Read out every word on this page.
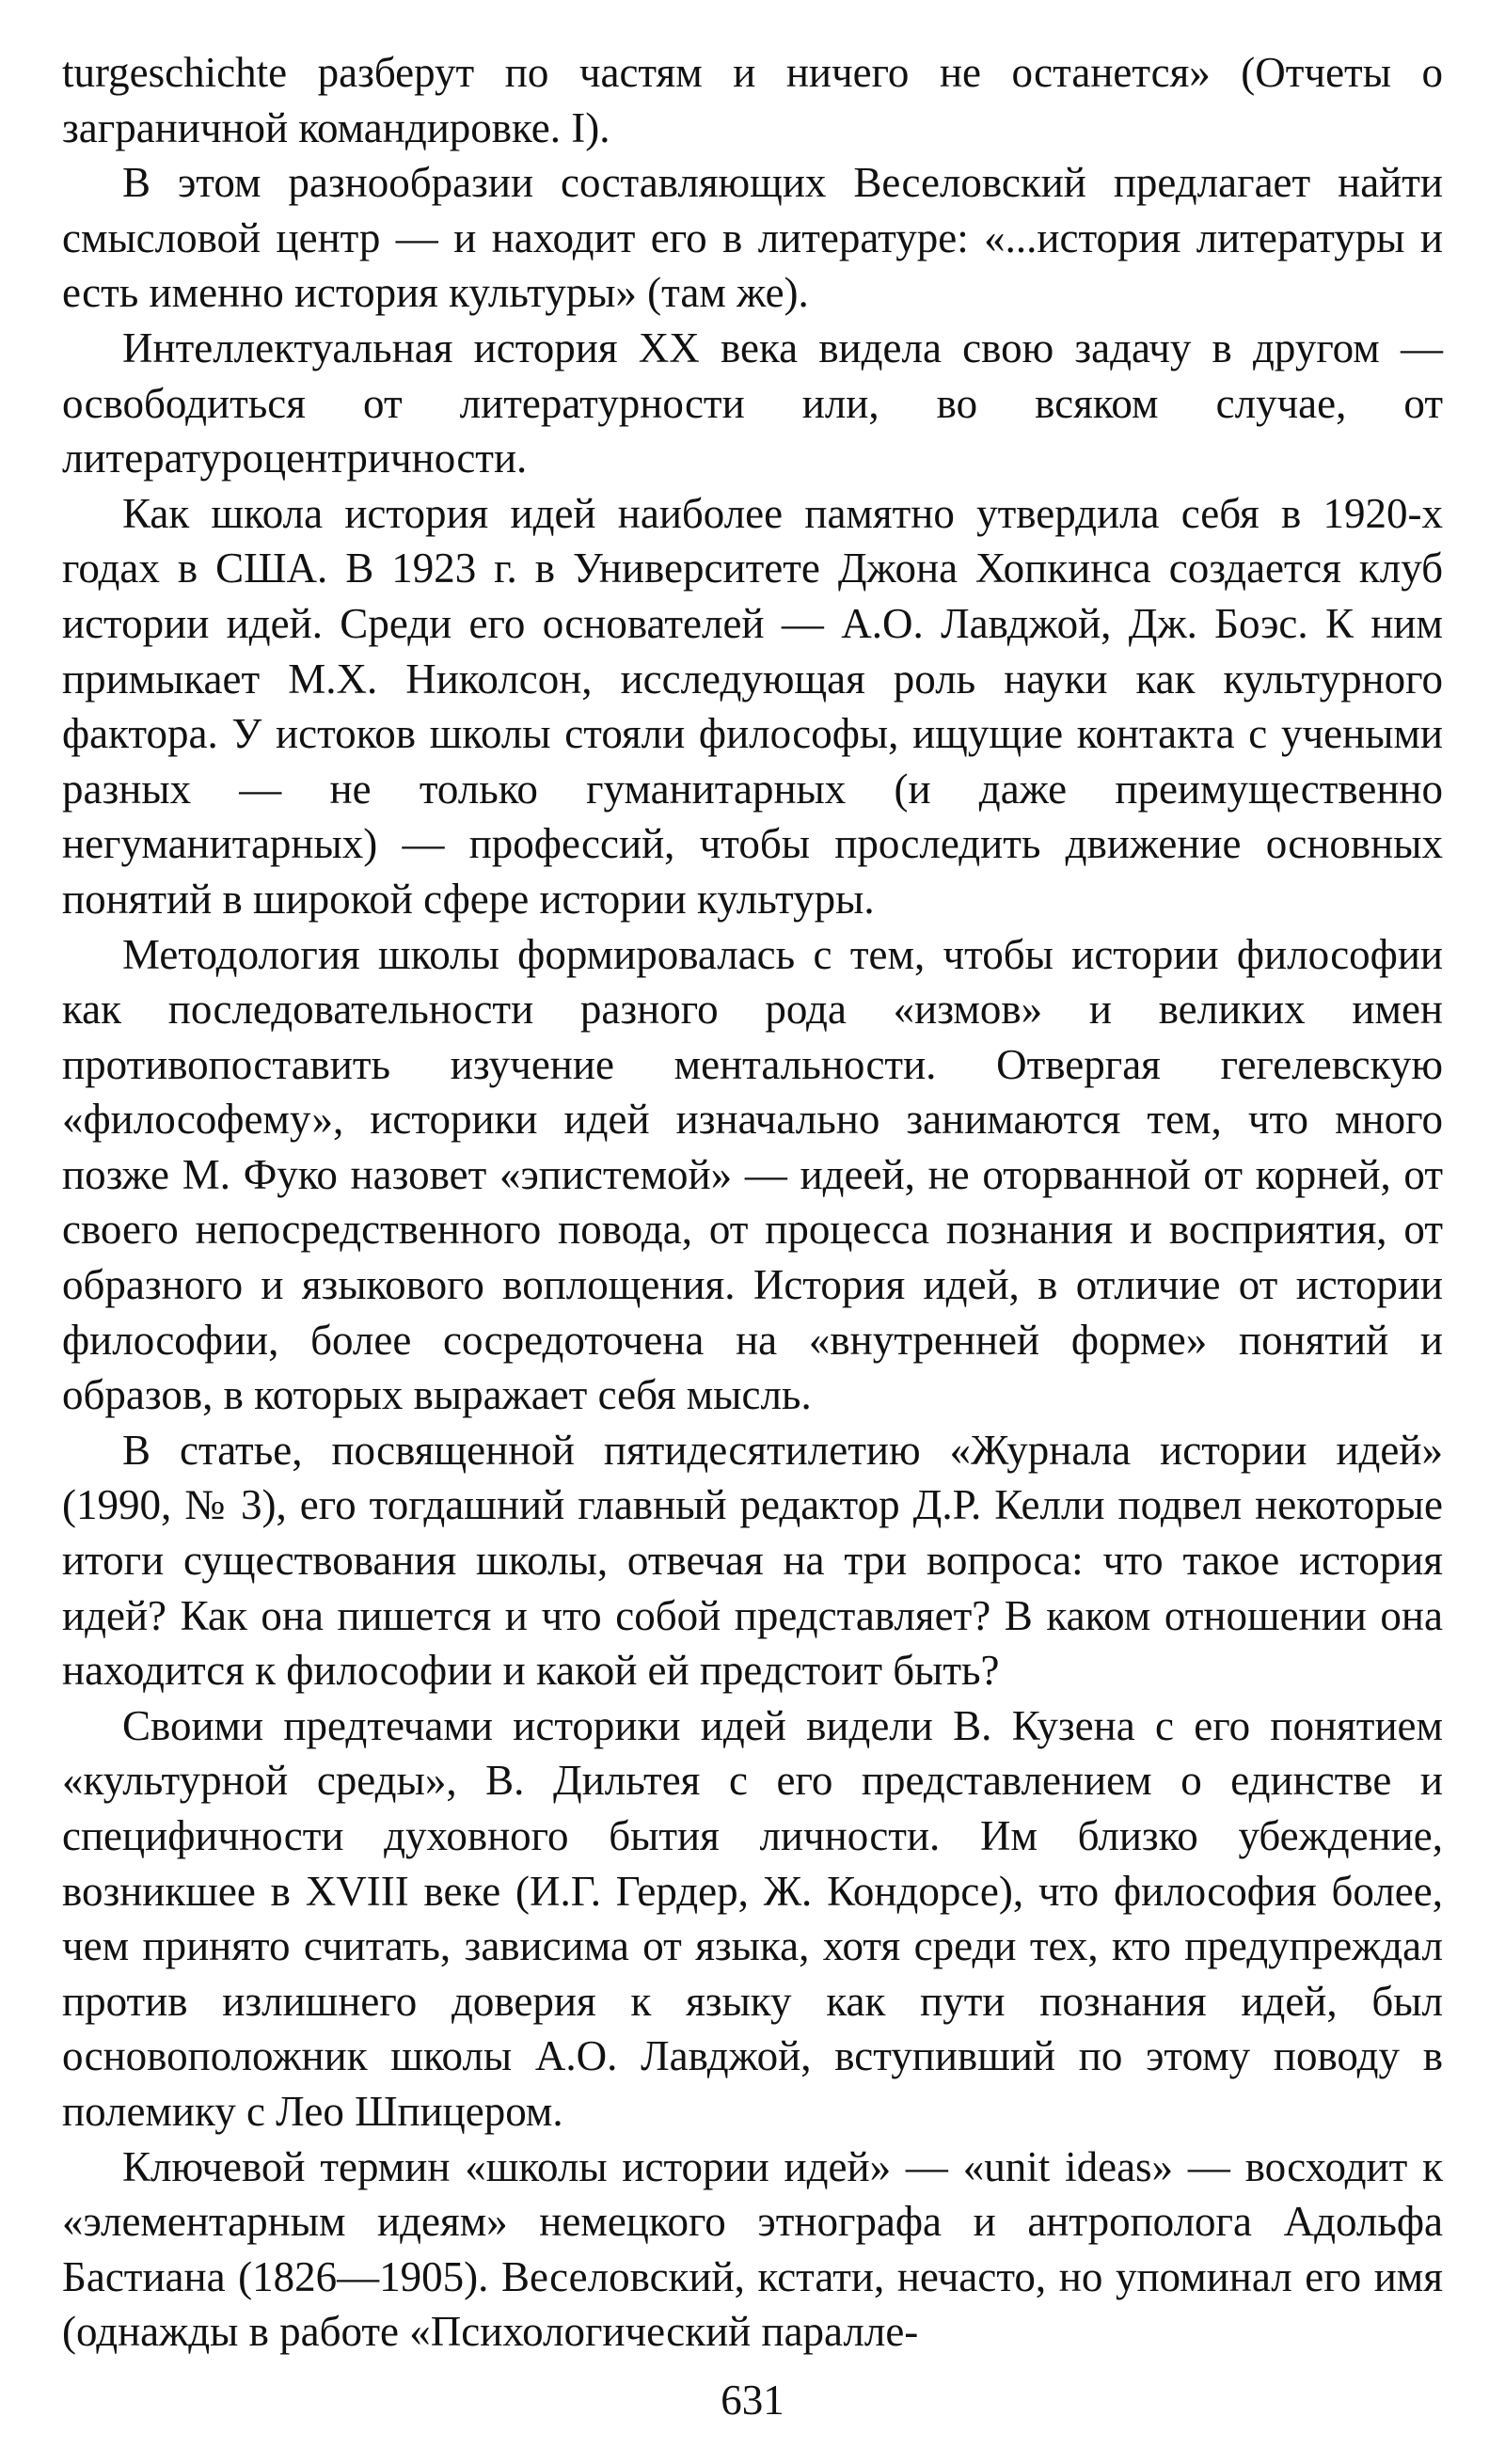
turgeschichte разберут по частям и ничего не останется» (Отчеты о заграничной командировке. I).

В этом разнообразии составляющих Веселовский предлагает найти смысловой центр — и находит его в литературе: «...история литературы и есть именно история культуры» (там же).

Интеллектуальная история XX века видела свою задачу в другом — освободиться от литературности или, во всяком случае, от литературоцентричности.

Как школа история идей наиболее памятно утвердила себя в 1920-х годах в США. В 1923 г. в Университете Джона Хопкинса создается клуб истории идей. Среди его основателей — А.О. Лавджой, Дж. Боэс. К ним примыкает М.Х. Николсон, исследующая роль науки как культурного фактора. У истоков школы стояли философы, ищущие контакта с учеными разных — не только гуманитарных (и даже преимущественно негуманитарных) — профессий, чтобы проследить движение основных понятий в широкой сфере истории культуры.

Методология школы формировалась с тем, чтобы истории философии как последовательности разного рода «измов» и великих имен противопоставить изучение ментальности. Отвергая гегелевскую «философему», историки идей изначально занимаются тем, что много позже М. Фуко назовет «эпистемой» — идеей, не оторванной от корней, от своего непосредственного повода, от процесса познания и восприятия, от образного и языкового воплощения. История идей, в отличие от истории философии, более сосредоточена на «внутренней форме» понятий и образов, в которых выражает себя мысль.

В статье, посвященной пятидесятилетию «Журнала истории идей» (1990, № 3), его тогдашний главный редактор Д.Р. Келли подвел некоторые итоги существования школы, отвечая на три вопроса: что такое история идей? Как она пишется и что собой представляет? В каком отношении она находится к философии и какой ей предстоит быть?

Своими предтечами историки идей видели В. Кузена с его понятием «культурной среды», В. Дильтея с его представлением о единстве и специфичности духовного бытия личности. Им близко убеждение, возникшее в XVIII веке (И.Г. Гердер, Ж. Кондорсе), что философия более, чем принято считать, зависима от языка, хотя среди тех, кто предупреждал против излишнего доверия к языку как пути познания идей, был основоположник школы А.О. Лавджой, вступивший по этому поводу в полемику с Лео Шпицером.

Ключевой термин «школы истории идей» — «unit ideas» — восходит к «элементарным идеям» немецкого этнографа и антрополога Адольфа Бастиана (1826—1905). Веселовский, кстати, нечасто, но упоминал его имя (однажды в работе «Психологический паралле-

631
